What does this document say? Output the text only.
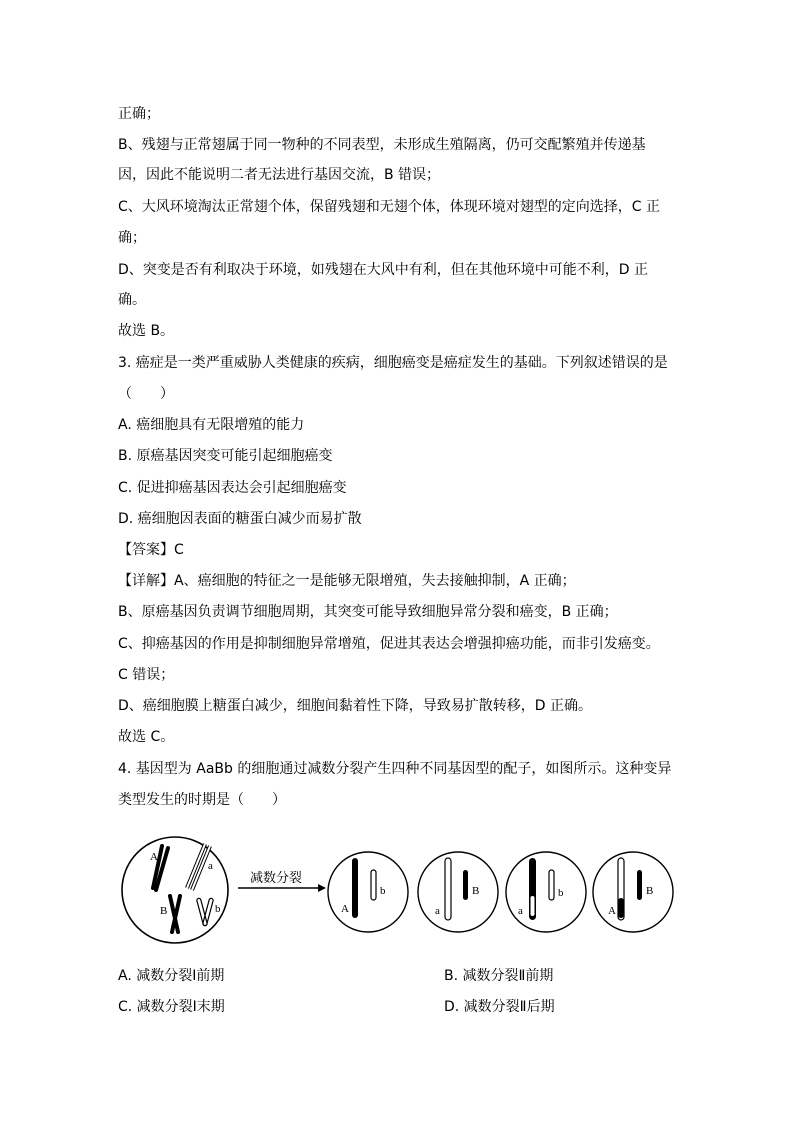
正确；
B、残翅与正常翅属于同一物种的不同表型，未形成生殖隔离，仍可交配繁殖并传递基
因，因此不能说明二者无法进行基因交流，B 错误；
C、大风环境淘汰正常翅个体，保留残翅和无翅个体，体现环境对翅型的定向选择，C 正
确；
D、突变是否有利取决于环境，如残翅在大风中有利，但在其他环境中可能不利，D 正
确。
故选 B。
3. 癌症是一类严重威胁人类健康的疾病，细胞癌变是癌症发生的基础。下列叙述错误的是
（　　）
A. 癌细胞具有无限增殖的能力
B. 原癌基因突变可能引起细胞癌变
C. 促进抑癌基因表达会引起细胞癌变
D. 癌细胞因表面的糖蛋白减少而易扩散
【答案】C
【详解】A、癌细胞的特征之一是能够无限增殖，失去接触抑制，A 正确；
B、原癌基因负责调节细胞周期，其突变可能导致细胞异常分裂和癌变，B 正确；
C、抑癌基因的作用是抑制细胞异常增殖，促进其表达会增强抑癌功能，而非引发癌变。
C 错误；
D、癌细胞膜上糖蛋白减少，细胞间黏着性下降，导致易扩散转移，D 正确。
故选 C。
4. 基因型为 AaBb 的细胞通过减数分裂产生四种不同基因型的配子，如图所示。这种变异
类型发生的时期是（　　）
A
a
B	b
减数分裂
A
b
a
B
a
b
A
B
A. 减数分裂Ⅰ前期	B. 减数分裂Ⅱ前期
C. 减数分裂Ⅰ末期	D. 减数分裂Ⅱ后期
